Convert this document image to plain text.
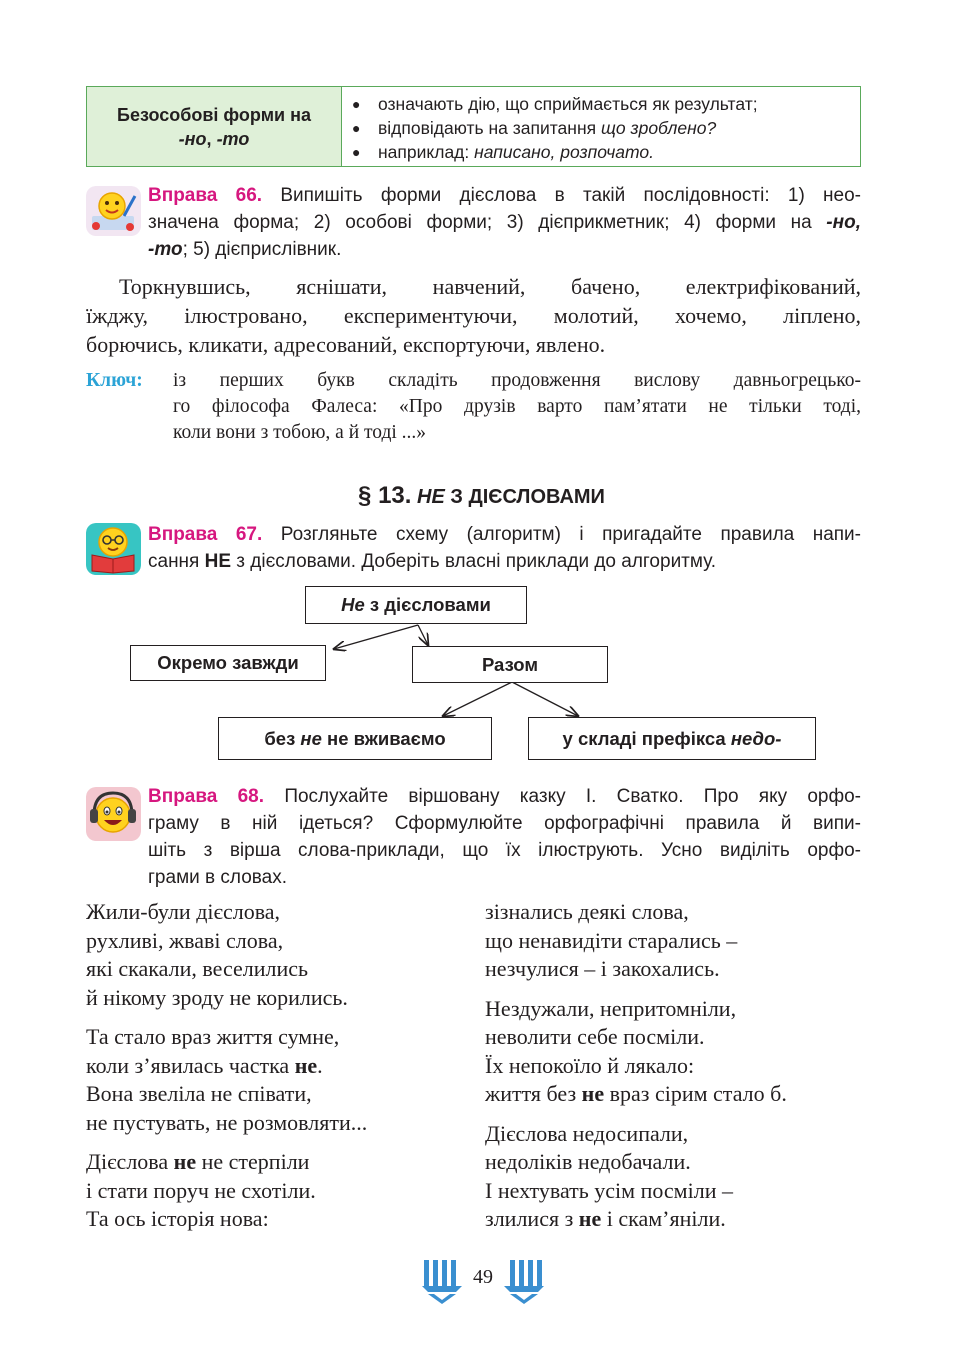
Безособові форми на
-но, -то
●	означають дію, що сприймається як результат;
●	відповідають на запитання що зроблено?
●	наприклад: написано, розпочато.
Вправа 66. Випишіть форми дієслова в такій послідовності: 1) нео-
значена форма; 2) особові форми; 3) дієприкметник; 4) форми на -но,
-то; 5) дієприслівник.
Торкнувшись, яснішати, навчений, бачено, електрифікований,
їжджу, ілюстровано, експериментуючи, молотий, хочемо, ліплено,
борючись, кликати, адресований, експортуючи, явлено.
Ключ: із перших букв складіть продовження вислову давньогрецько-
го філософа Фалеса: «Про друзів варто пам’ятати не тільки тоді,
коли вони з тобою, а й тоді ...»
§ 13. НЕ З ДІЄСЛОВАМИ
Вправа 67. Розгляньте схему (алгоритм) і пригадайте правила напи-
сання НЕ з дієсловами. Доберіть власні приклади до алгоритму.
Не з дієсловами
Окремо завжди	Разом
без не не вживаємо	у складі префікса недо-
Вправа 68. Послухайте віршовану казку І. Сватко. Про яку орфо-
граму в ній ідеться? Сформулюйте орфографічні правила й випи-
шіть з вірша слова-приклади, що їх ілюструють. Усно виділіть орфо-
грами в словах.
Жили-були дієслова,
рухливі, жваві слова,
які скакали, веселились
й нікому зроду не корились.
Та стало враз життя сумне,
коли з’явилась частка не.
Вона звеліла не співати,
не пустувать, не розмовляти...
Дієслова не не стерпіли
і стати поруч не схотіли.
Та ось історія нова:
зізнались деякі слова,
що ненавидіти старались –
незчулися – і закохались.
Нездужали, непритомніли,
неволити себе посміли.
Їх непокоїло й лякало:
життя без не враз сірим стало б.
Дієслова недосипали,
недоліків недобачали.
І нехтувать усім посміли –
злилися з не і скам’яніли.
49
